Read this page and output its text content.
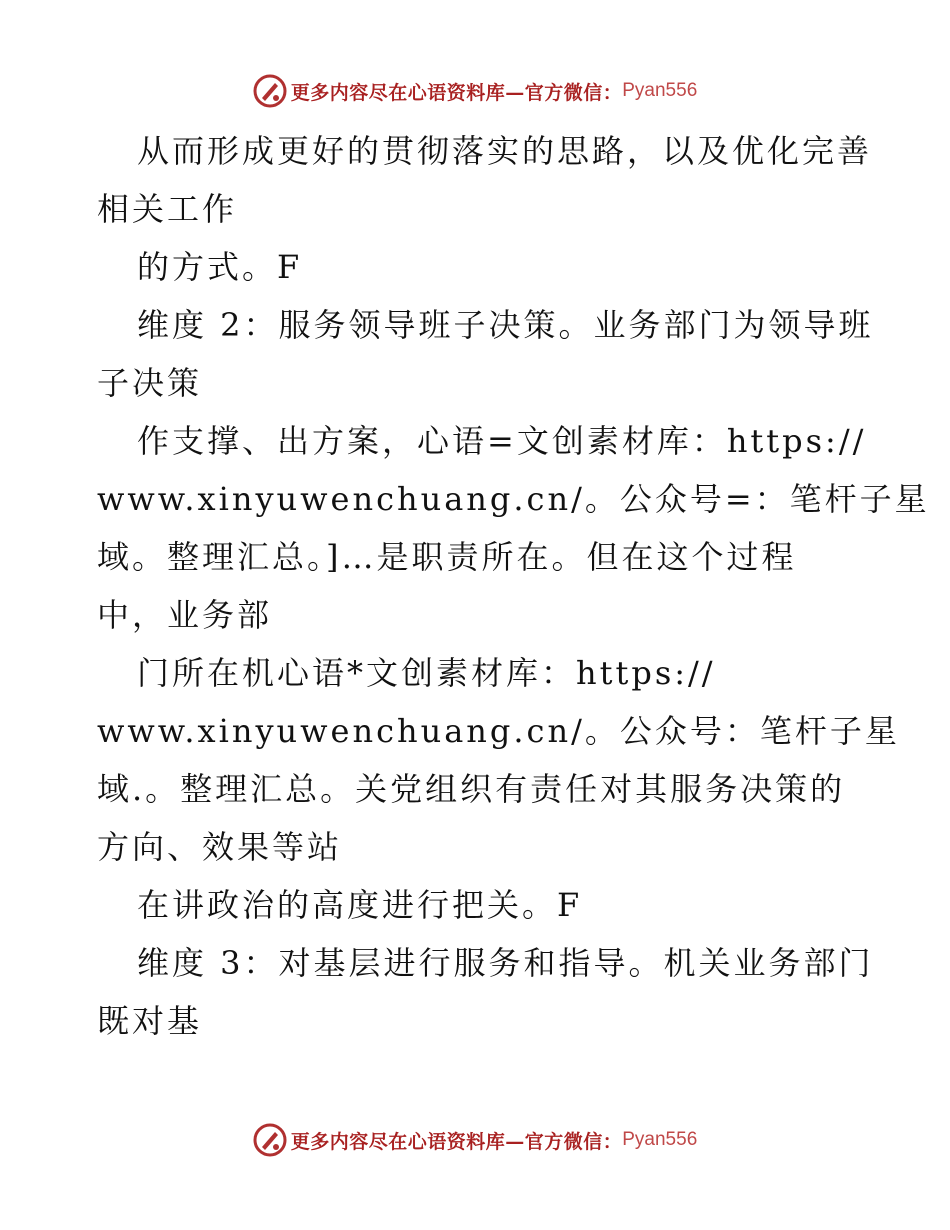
更多内容尽在心语资料库—官方微信： Pyan556
从而形成更好的贯彻落实的思路，以及优化完善
相关工作
的方式。F
维度 2：服务领导班子决策。业务部门为领导班
子决策
作支撑、出方案，心语=文创素材库：https://
www.xinyuwenchuang.cn/。公众号=：笔杆子星
域。整理汇总。]…是职责所在。但在这个过程
中，业务部
门所在机心语*文创素材库：https://
www.xinyuwenchuang.cn/。公众号：笔杆子星
域.。整理汇总。关党组织有责任对其服务决策的
方向、效果等站
在讲政治的高度进行把关。F
维度 3：对基层进行服务和指导。机关业务部门
既对基
更多内容尽在心语资料库—官方微信： Pyan556
